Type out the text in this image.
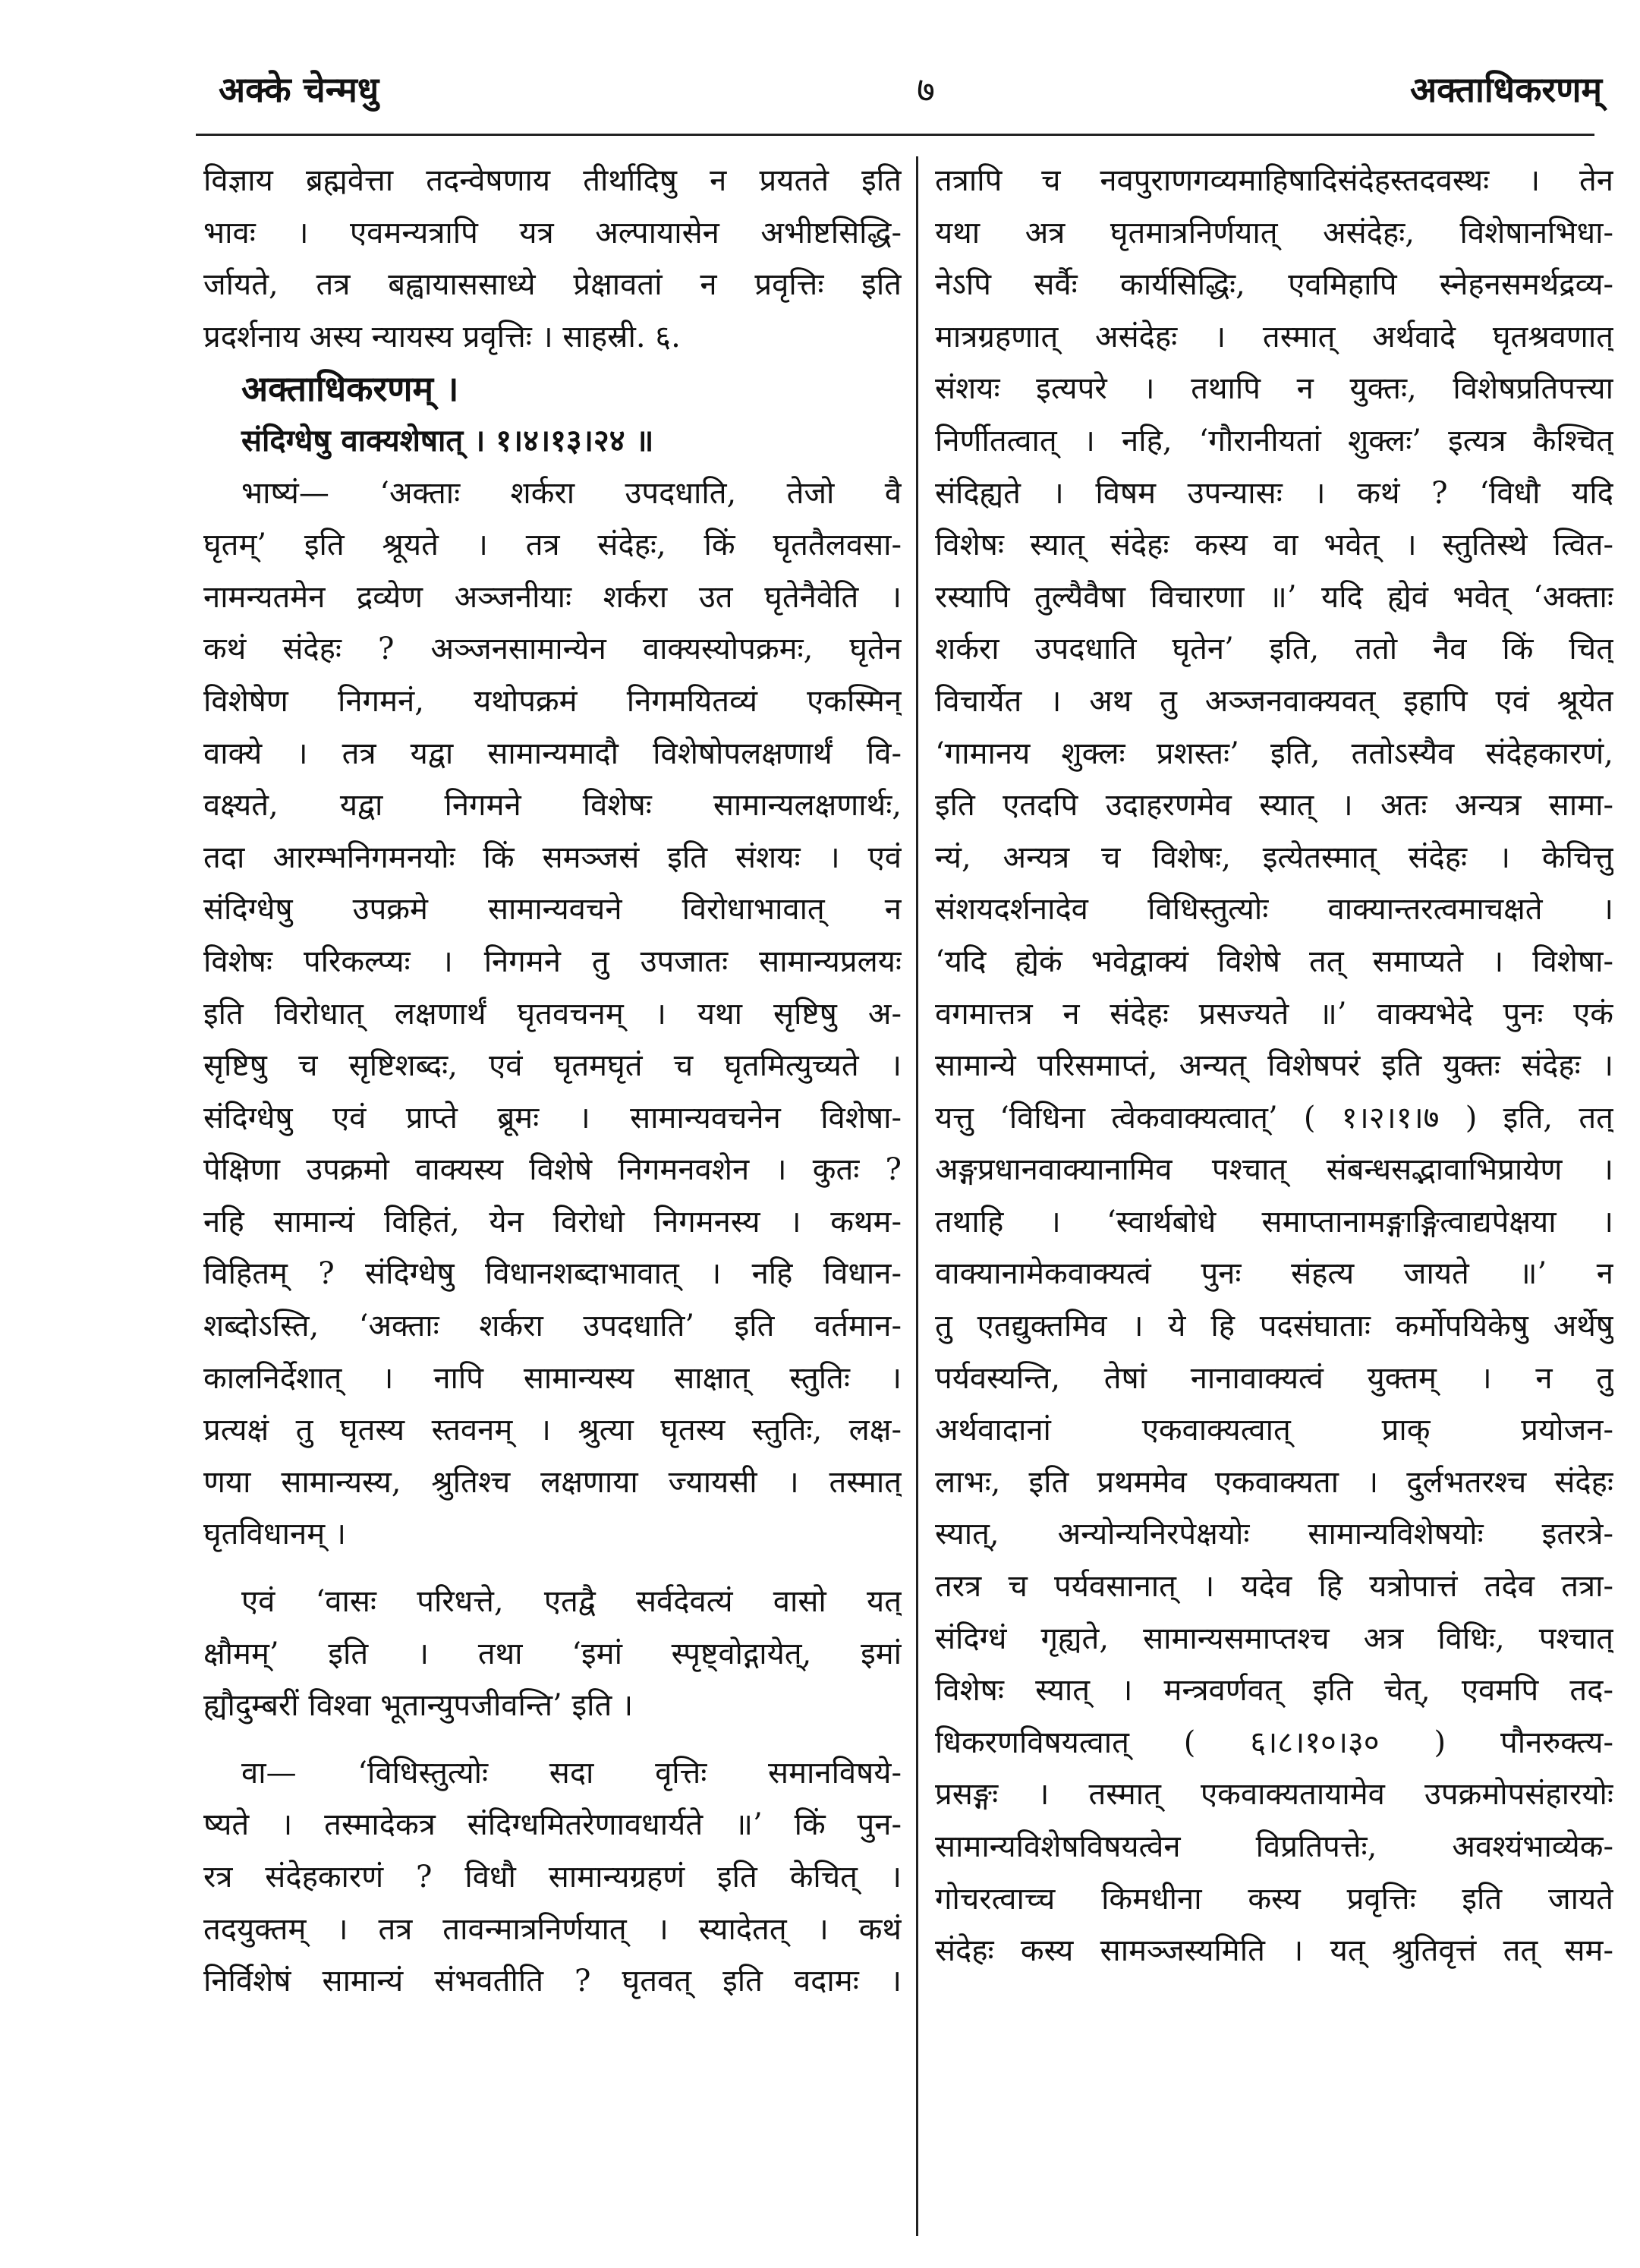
अक्के चेन्मधु	७	अक्ताधिकरणम्
विज्ञाय ब्रह्मवेत्ता तदन्वेषणाय तीर्थादिषु न प्रयतते इति
भावः । एवमन्यत्रापि यत्र अल्पायासेन अभीष्टसिद्धि-
र्जायते, तत्र बह्वायाससाध्ये प्रेक्षावतां न प्रवृत्तिः इति
प्रदर्शनाय अस्य न्यायस्य प्रवृत्तिः । साहस्री. ६.
अक्ताधिकरणम् ।
संदिग्धेषु वाक्यशेषात् । १।४।१३।२४ ॥
भाष्यं— ‘अक्ताः शर्करा उपदधाति, तेजो वै
घृतम्’ इति श्रूयते । तत्र संदेहः, किं घृततैलवसा-
नामन्यतमेन द्रव्येण अञ्जनीयाः शर्करा उत घृतेनैवेति ।
कथं संदेहः ? अञ्जनसामान्येन वाक्यस्योपक्रमः, घृतेन
विशेषेण निगमनं, यथोपक्रमं निगमयितव्यं एकस्मिन्
वाक्ये । तत्र यद्वा सामान्यमादौ विशेषोपलक्षणार्थं वि-
वक्ष्यते, यद्वा निगमने विशेषः सामान्यलक्षणार्थः,
तदा आरम्भनिगमनयोः किं समञ्जसं इति संशयः । एवं
संदिग्धेषु उपक्रमे सामान्यवचने विरोधाभावात् न
विशेषः परिकल्प्यः । निगमने तु उपजातः सामान्यप्रलयः
इति विरोधात् लक्षणार्थं घृतवचनम् । यथा सृष्टिषु अ-
सृष्टिषु च सृष्टिशब्दः, एवं घृतमघृतं च घृतमित्युच्यते ।
संदिग्धेषु एवं प्राप्ते ब्रूमः । सामान्यवचनेन विशेषा-
पेक्षिणा उपक्रमो वाक्यस्य विशेषे निगमनवशेन । कुतः ?
नहि सामान्यं विहितं, येन विरोधो निगमनस्य । कथम-
विहितम् ? संदिग्धेषु विधानशब्दाभावात् । नहि विधान-
शब्दोऽस्ति, ‘अक्ताः शर्करा उपदधाति’ इति वर्तमान-
कालनिर्देशात् । नापि सामान्यस्य साक्षात् स्तुतिः ।
प्रत्यक्षं तु घृतस्य स्तवनम् । श्रुत्या घृतस्य स्तुतिः, लक्ष-
णया सामान्यस्य, श्रुतिश्च लक्षणाया ज्यायसी । तस्मात्
घृतविधानम् ।
एवं ‘वासः परिधत्ते, एतद्वै सर्वदेवत्यं वासो यत्
क्षौमम्’ इति । तथा ‘इमां स्पृष्ट्वोद्गायेत्, इमां
ह्यौदुम्बरीं विश्वा भूतान्युपजीवन्ति’ इति ।
वा— ‘विधिस्तुत्योः सदा वृत्तिः समानविषये-
ष्यते । तस्मादेकत्र संदिग्धमितरेणावधार्यते ॥’ किं पुन-
रत्र संदेहकारणं ? विधौ सामान्यग्रहणं इति केचित् ।
तदयुक्तम् । तत्र तावन्मात्रनिर्णयात् । स्यादेतत् । कथं
निर्विशेषं सामान्यं संभवतीति ? घृतवत् इति वदामः ।
तत्रापि च नवपुराणगव्यमाहिषादिसंदेहस्तदवस्थः । तेन
यथा अत्र घृतमात्रनिर्णयात् असंदेहः, विशेषानभिधा-
नेऽपि सर्वैः कार्यसिद्धिः, एवमिहापि स्नेहनसमर्थद्रव्य-
मात्रग्रहणात् असंदेहः । तस्मात् अर्थवादे घृतश्रवणात्
संशयः इत्यपरे । तथापि न युक्तः, विशेषप्रतिपत्त्या
निर्णीतत्वात् । नहि, ‘गौरानीयतां शुक्लः’ इत्यत्र कैश्चित्
संदिह्यते । विषम उपन्यासः । कथं ? ‘विधौ यदि
विशेषः स्यात् संदेहः कस्य वा भवेत् । स्तुतिस्थे त्वित-
रस्यापि तुल्यैवैषा विचारणा ॥’ यदि ह्येवं भवेत् ‘अक्ताः
शर्करा उपदधाति घृतेन’ इति, ततो नैव किं चित्
विचार्येत । अथ तु अञ्जनवाक्यवत् इहापि एवं श्रूयेत
‘गामानय शुक्लः प्रशस्तः’ इति, ततोऽस्यैव संदेहकारणं,
इति एतदपि उदाहरणमेव स्यात् । अतः अन्यत्र सामा-
न्यं, अन्यत्र च विशेषः, इत्येतस्मात् संदेहः । केचित्तु
संशयदर्शनादेव विधिस्तुत्योः वाक्यान्तरत्वमाचक्षते ।
‘यदि ह्येकं भवेद्वाक्यं विशेषे तत् समाप्यते । विशेषा-
वगमात्तत्र न संदेहः प्रसज्यते ॥’ वाक्यभेदे पुनः एकं
सामान्ये परिसमाप्तं, अन्यत् विशेषपरं इति युक्तः संदेहः ।
यत्तु ‘विधिना त्वेकवाक्यत्वात्’ ( १।२।१।७ ) इति, तत्
अङ्गप्रधानवाक्यानामिव पश्चात् संबन्धसद्भावाभिप्रायेण ।
तथाहि । ‘स्वार्थबोधे समाप्तानामङ्गाङ्गित्वाद्यपेक्षया ।
वाक्यानामेकवाक्यत्वं पुनः संहत्य जायते ॥’ न
तु एतद्युक्तमिव । ये हि पदसंघाताः कर्मोपयिकेषु अर्थेषु
पर्यवस्यन्ति, तेषां नानावाक्यत्वं युक्तम् । न तु
अर्थवादानां एकवाक्यत्वात् प्राक् प्रयोजन-
लाभः, इति प्रथममेव एकवाक्यता । दुर्लभतरश्च संदेहः
स्यात्, अन्योन्यनिरपेक्षयोः सामान्यविशेषयोः इतरत्रे-
तरत्र च पर्यवसानात् । यदेव हि यत्रोपात्तं तदेव तत्रा-
संदिग्धं गृह्यते, सामान्यसमाप्तश्च अत्र विधिः, पश्चात्
विशेषः स्यात् । मन्त्रवर्णवत् इति चेत्, एवमपि तद-
धिकरणविषयत्वात् ( ६।८।१०।३० ) पौनरुक्त्य-
प्रसङ्गः । तस्मात् एकवाक्यतायामेव उपक्रमोपसंहारयोः
सामान्यविशेषविषयत्वेन विप्रतिपत्तेः, अवश्यंभाव्येक-
गोचरत्वाच्च किमधीना कस्य प्रवृत्तिः इति जायते
संदेहः कस्य सामञ्जस्यमिति । यत् श्रुतिवृत्तं तत् सम-
